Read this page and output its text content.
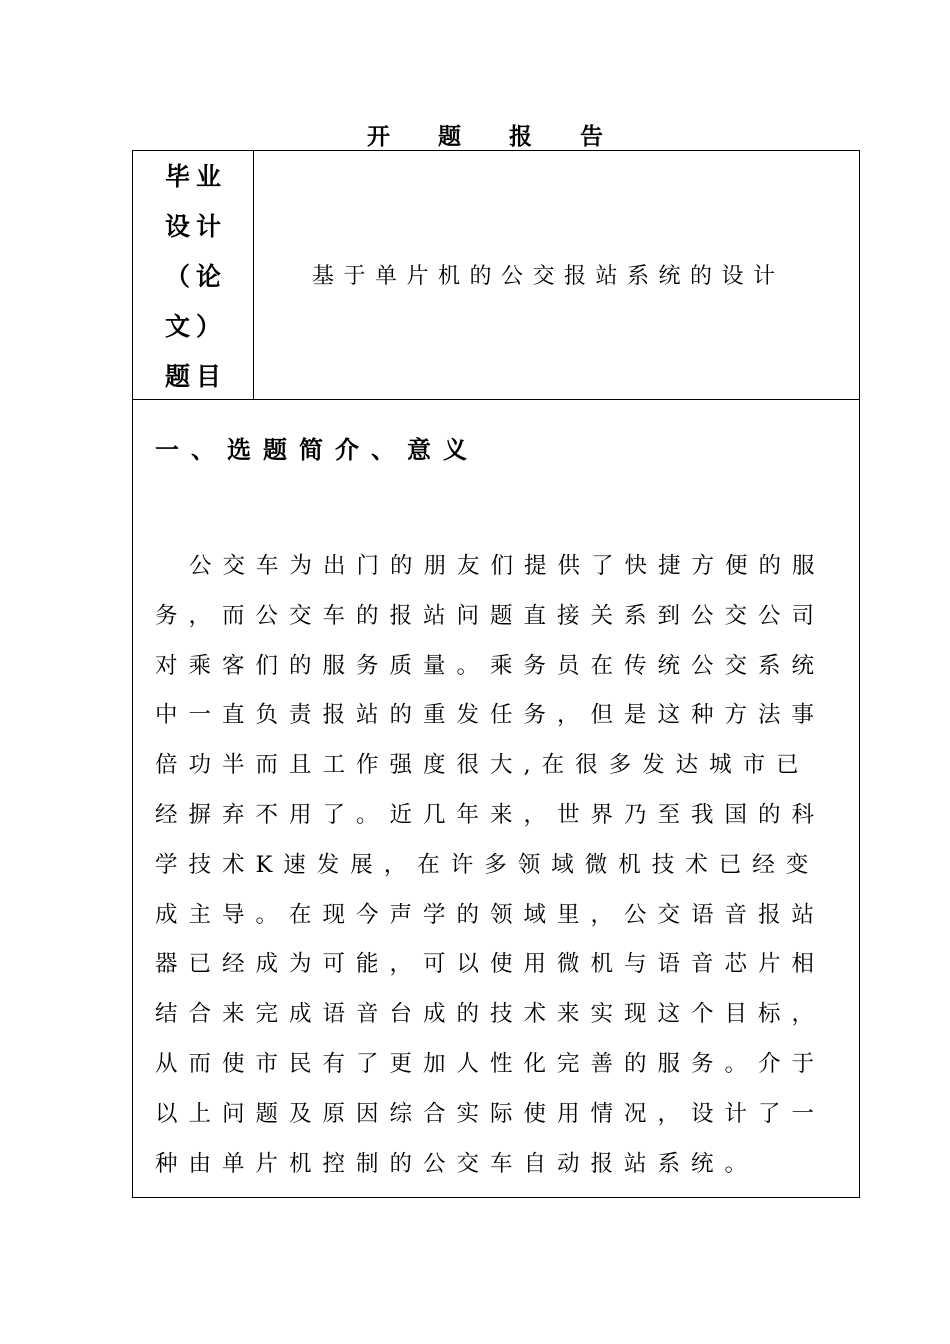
开 题 报 告
毕业
设计
（论
文）
题目
基于单片机的公交报站系统的设计
一、选题简介、意义
公交车为出门的朋友们提供了快捷方便的服务，而公交车的报站问题直接关系到公交公司对乘客们的服务质量。乘务员在传统公交系统中一直负责报站的重发任务，但是这种方法事倍功半而且工作强度很大,在很多发达城市已经摒弃不用了。近几年来，世界乃至我国的科学技术K速发展，在许多领域微机技术已经变成主导。在现今声学的领域里，公交语音报站器已经成为可能，可以使用微机与语音芯片相结合来完成语音台成的技术来实现这个目标，从而使市民有了更加人性化完善的服务。介于以上问题及原因综合实际使用情况，设计了一种由单片机控制的公交车自动报站系统。
